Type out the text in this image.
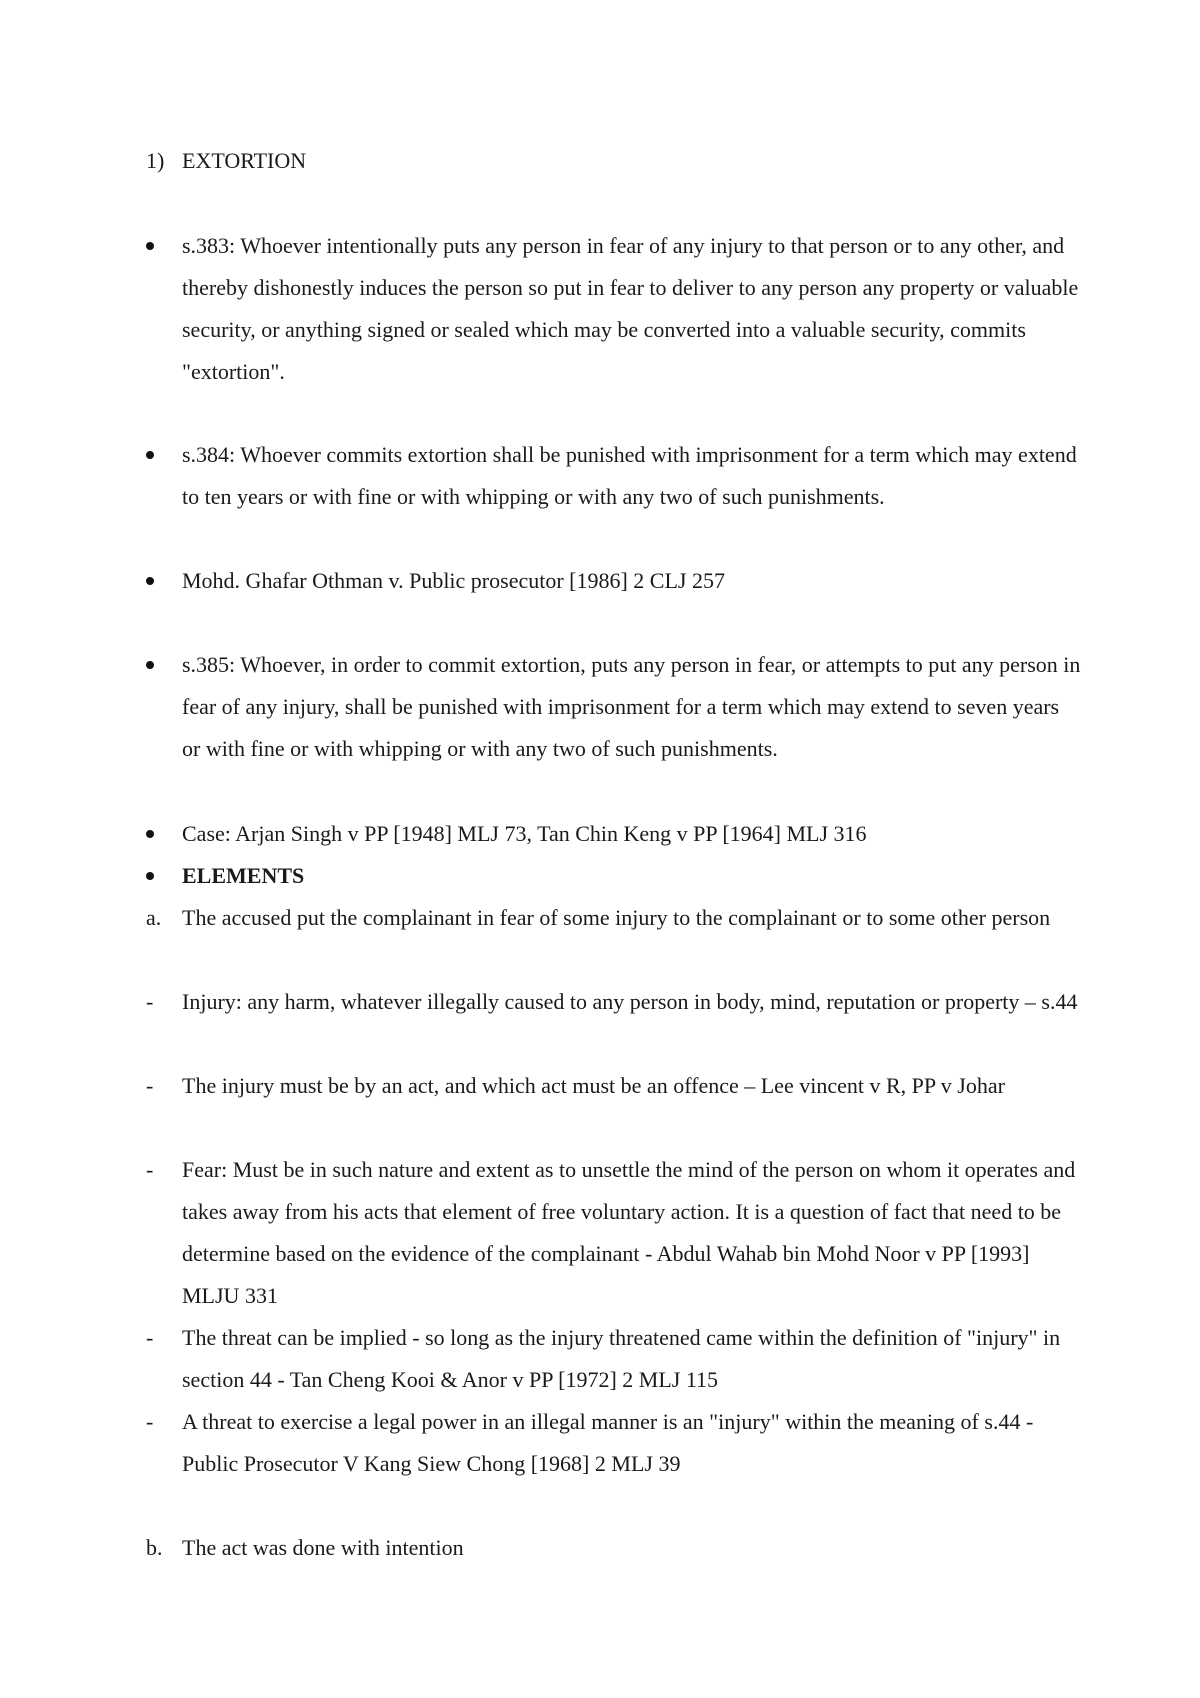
1) EXTORTION
s.383: Whoever intentionally puts any person in fear of any injury to that person or to any other, and thereby dishonestly induces the person so put in fear to deliver to any person any property or valuable security, or anything signed or sealed which may be converted into a valuable security, commits "extortion".
s.384: Whoever commits extortion shall be punished with imprisonment for a term which may extend to ten years or with fine or with whipping or with any two of such punishments.
Mohd. Ghafar Othman v. Public prosecutor [1986] 2 CLJ 257
s.385: Whoever, in order to commit extortion, puts any person in fear, or attempts to put any person in fear of any injury, shall be punished with imprisonment for a term which may extend to seven years or with fine or with whipping or with any two of such punishments.
Case: Arjan Singh v PP [1948] MLJ 73, Tan Chin Keng v PP [1964] MLJ 316
ELEMENTS
a. The accused put the complainant in fear of some injury to the complainant or to some other person
- Injury: any harm, whatever illegally caused to any person in body, mind, reputation or property – s.44
- The injury must be by an act, and which act must be an offence – Lee vincent v R, PP v Johar
- Fear: Must be in such nature and extent as to unsettle the mind of the person on whom it operates and takes away from his acts that element of free voluntary action. It is a question of fact that need to be determine based on the evidence of the complainant - Abdul Wahab bin Mohd Noor v PP [1993] MLJU 331
- The threat can be implied - so long as the injury threatened came within the definition of "injury" in section 44 - Tan Cheng Kooi & Anor v PP [1972] 2 MLJ 115
- A threat to exercise a legal power in an illegal manner is an "injury" within the meaning of s.44 - Public Prosecutor V Kang Siew Chong [1968] 2 MLJ 39
b. The act was done with intention
